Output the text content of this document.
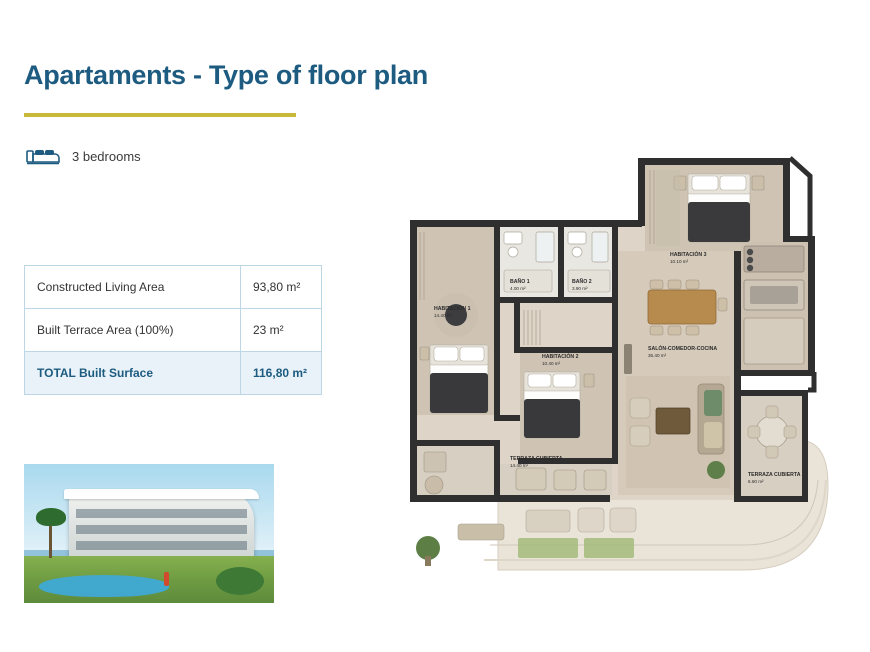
Apartaments - Type of floor plan
3 bedrooms
Constructed Living Area	93,80 m²
Built Terrace Area (100%)	23 m²
TOTAL Built Surface	116,80 m²
HABITACIÓN 3
10.10 m²
BAÑO 1
4.00 m²
BAÑO 2
3.90 m²
HABITACIÓN 1
14.40 m²
HABITACIÓN 2
10.40 m²
SALÓN-COMEDOR-COCINA
36.40 m²
TERRAZA CUBIERTA
14.40 m²
TERRAZA CUBIERTA
6.60 m²
